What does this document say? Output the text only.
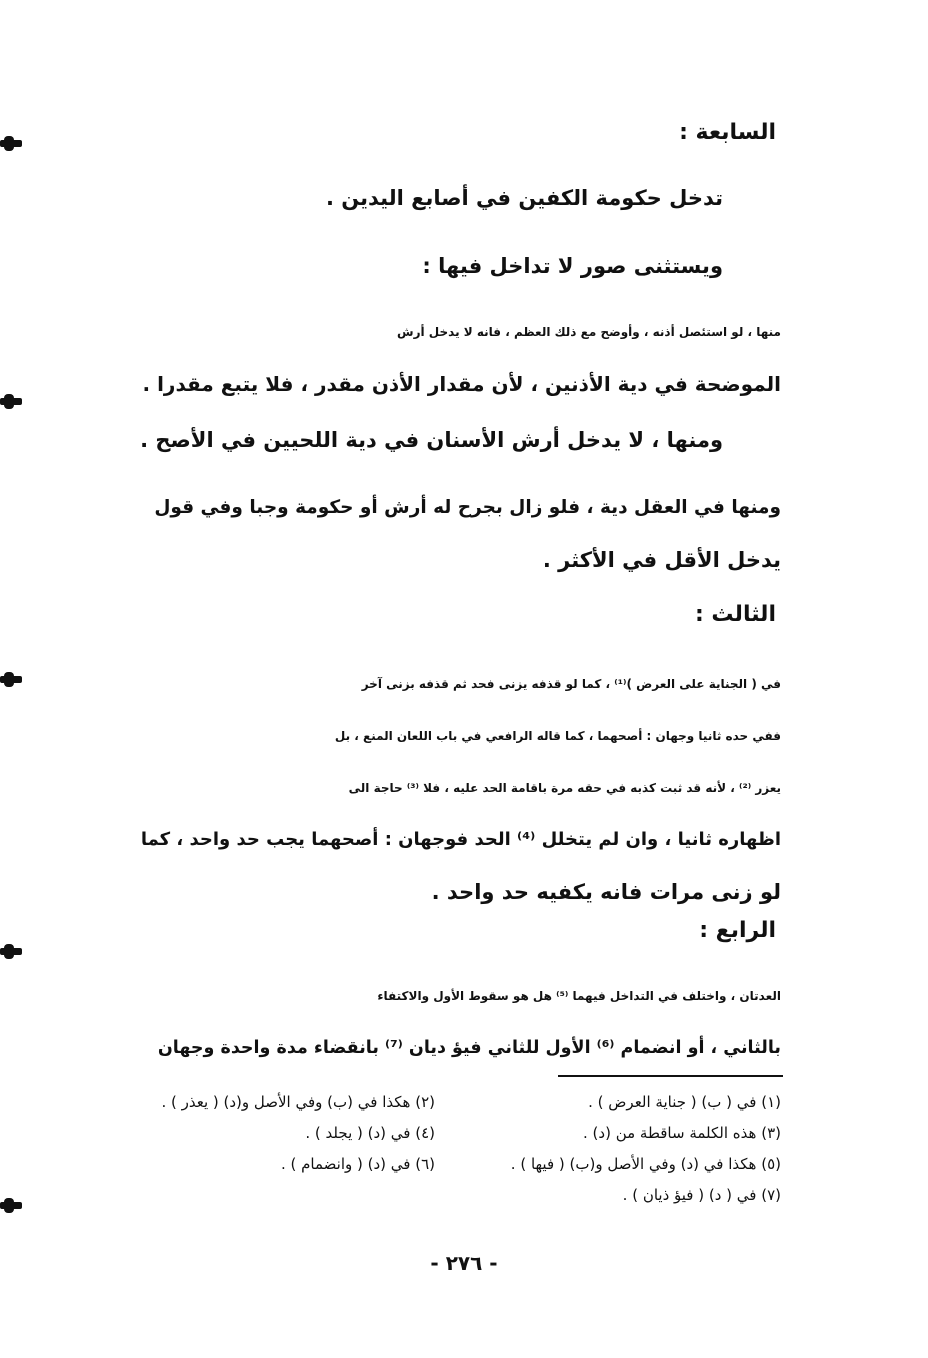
السابعة :
تدخل حكومة الكفين في أصابع اليدين .
ويستثنى صور لا تداخل فيها :
منها ، لو استئصل أذنه ، وأوضح مع ذلك العظم ، فانه لا يدخل أرش
الموضحة في دية الأذنين ، لأن مقدار الأذن مقدر ، فلا يتبع مقدرا .
ومنها ، لا يدخل أرش الأسنان في دية اللحيين في الأصح .
ومنها في العقل دية ، فلو زال بجرح له أرش أو حكومة وجبا وفي قول
يدخل الأقل في الأكثر .
الثالث :
في ( الجناية على العرض )⁽¹⁾ ، كما لو قذفه يزنى فحد ثم قذفه بزنى آخر
ففي حده ثانيا وجهان : أصحهما ، كما قاله الرافعي في باب اللعان المنع ، بل
يعزر ⁽²⁾ ، لأنه قد ثبت كذبه في حقه مرة باقامة الحد عليه ، فلا ⁽³⁾ حاجة الى
اظهاره ثانيا ، وان لم يتخلل ⁽⁴⁾ الحد فوجهان : أصحهما يجب حد واحد ، كما
لو زنى مرات فانه يكفيه حد واحد .
الرابع :
العدتان ، واختلف في التداخل فيهما ⁽⁵⁾ هل هو سقوط الأول والاكتفاء
بالثاني ، أو انضمام ⁽⁶⁾ الأول للثاني فيؤ ديان ⁽⁷⁾ بانقضاء مدة واحدة وجهان
(١) في ( ب) ( جناية العرض ) .
(٢) هكذا في (ب) وفي الأصل و(د) ( يعذر ) .
(٣) هذه الكلمة ساقطة من (د) .
(٤) في (د) ( يجلد ) .
(٥) هكذا في (د) وفي الأصل و(ب) ( فيها ) .
(٦) في (د) ( وانضمام ) .
(٧) في ( د) ( فيؤ ذيان ) .
- ٢٧٦ -
